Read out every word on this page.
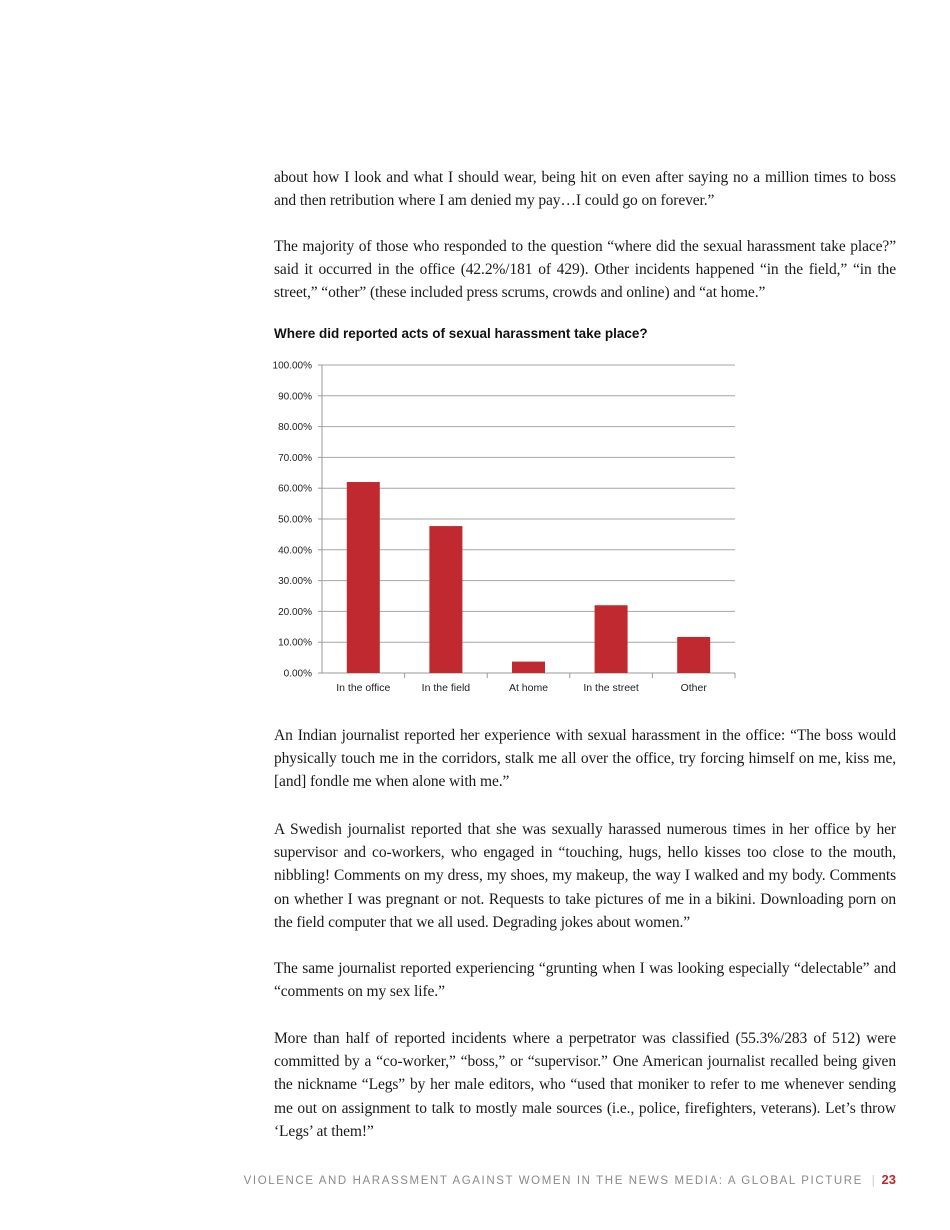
about how I look and what I should wear, being hit on even after saying no a million times to boss and then retribution where I am denied my pay…I could go on forever.”

The majority of those who responded to the question “where did the sexual harassment take place?” said it occurred in the office (42.2%/181 of 429). Other incidents happened “in the field,” “in the street,” “other” (these included press scrums, crowds and online) and “at home.”

Where did reported acts of sexual harassment take place?
0.00%
10.00%
20.00%
30.00%
40.00%
50.00%
60.00%
70.00%
80.00%
90.00%
100.00%
In the office	In the field	At home	In the street	Other

An Indian journalist reported her experience with sexual harassment in the office: “The boss would physically touch me in the corridors, stalk me all over the office, try forcing himself on me, kiss me, [and] fondle me when alone with me.”

A Swedish journalist reported that she was sexually harassed numerous times in her office by her supervisor and co-workers, who engaged in “touching, hugs, hello kisses too close to the mouth, nibbling! Comments on my dress, my shoes, my makeup, the way I walked and my body. Comments on whether I was pregnant or not. Requests to take pictures of me in a bikini. Downloading porn on the field computer that we all used. Degrading jokes about women.”

The same journalist reported experiencing “grunting when I was looking especially “delectable” and “comments on my sex life.”

More than half of reported incidents where a perpetrator was classified (55.3%/283 of 512) were committed by a “co-worker,” “boss,” or “supervisor.” One American journalist recalled being given the nickname “Legs” by her male editors, who “used that moniker to refer to me whenever sending me out on assignment to talk to mostly male sources (i.e., police, firefighters, veterans). Let’s throw ‘Legs’ at them!”

VIOLENCE AND HARASSMENT AGAINST WOMEN IN THE NEWS MEDIA: A GLOBAL PICTURE | 23
